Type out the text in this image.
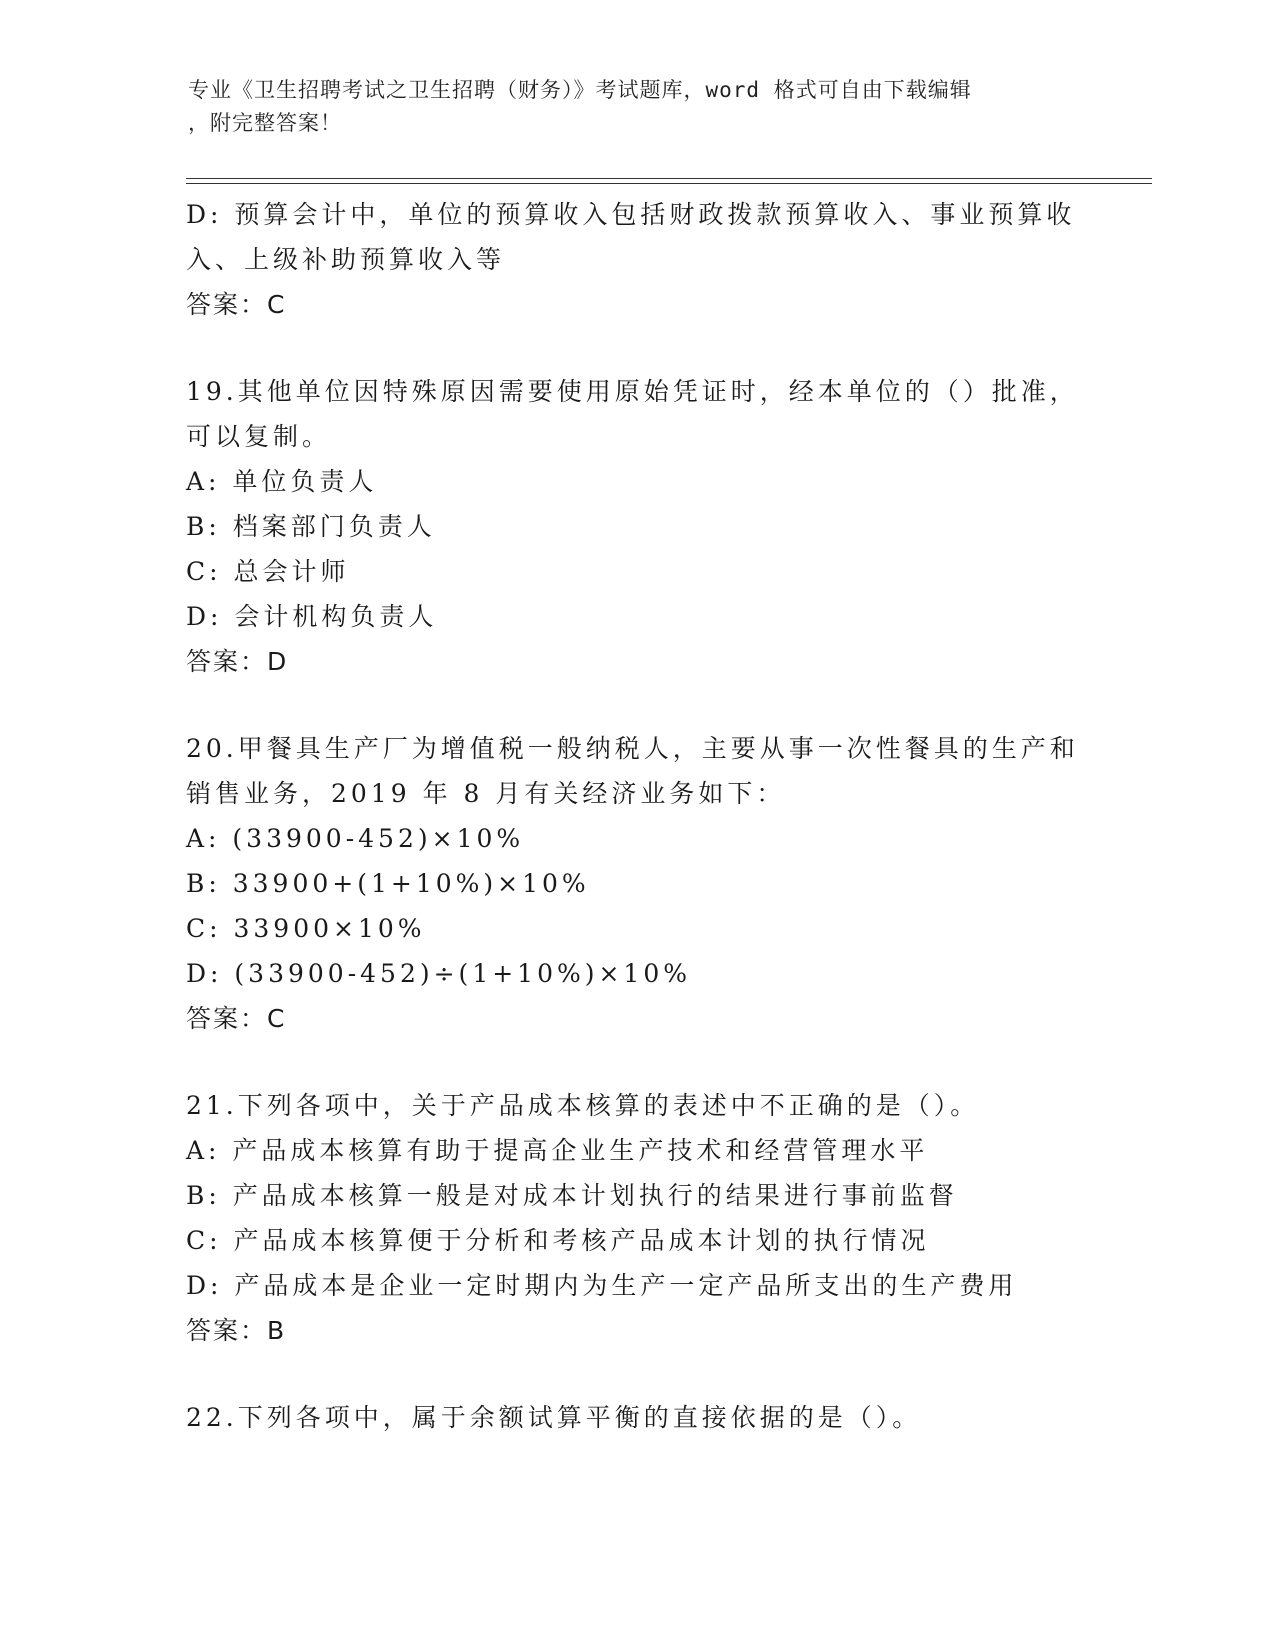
专业《卫生招聘考试之卫生招聘（财务）》考试题库，word 格式可自由下载编辑
，附完整答案！
D: 预算会计中，单位的预算收入包括财政拨款预算收入、事业预算收
入、上级补助预算收入等
答案：C
19.其他单位因特殊原因需要使用原始凭证时，经本单位的（）批准，
可以复制。
A: 单位负责人
B: 档案部门负责人
C: 总会计师
D: 会计机构负责人
答案：D
20.甲餐具生产厂为增值税一般纳税人，主要从事一次性餐具的生产和
销售业务，2019 年 8 月有关经济业务如下：
A: (33900-452)×10%
B: 33900+(1+10%)×10%
C: 33900×10%
D: (33900-452)÷(1+10%)×10%
答案：C
21.下列各项中，关于产品成本核算的表述中不正确的是（）。
A: 产品成本核算有助于提高企业生产技术和经营管理水平
B: 产品成本核算一般是对成本计划执行的结果进行事前监督
C: 产品成本核算便于分析和考核产品成本计划的执行情况
D: 产品成本是企业一定时期内为生产一定产品所支出的生产费用
答案：B
22.下列各项中，属于余额试算平衡的直接依据的是（）。
